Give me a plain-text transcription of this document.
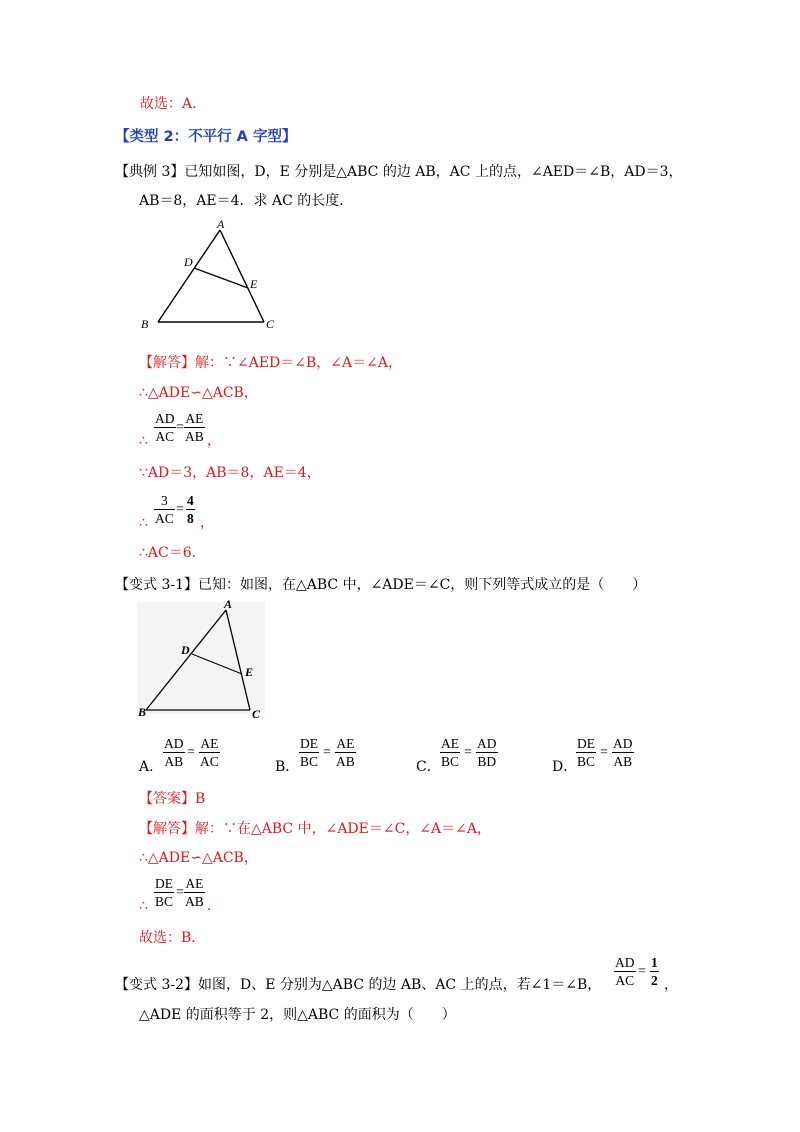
故选：A．
【类型 2：不平行 A 字型】
【典例 3】已知如图，D，E 分别是△ABC 的边 AB，AC 上的点，∠AED＝∠B，AD＝3，
AB＝8，AE＝4．求 AC 的长度．
A
D
E
B	C
【解答】解：∵∠AED＝∠B，∠A＝∠A，
∴△ADE∽△ACB，
∴ $\frac{AD}{AC} = \frac{AE}{AB}$ ，
∵AD＝3，AB＝8，AE＝4，
∴ $\frac{3}{AC} = \frac{4}{8}$ ，
∴AC＝6．
【变式 3-1】已知：如图，在△ABC 中，∠ADE＝∠C，则下列等式成立的是（　　）
A
D
E
B	C
A． $\frac{AD}{AB} = \frac{AE}{AC}$	B． $\frac{DE}{BC} = \frac{AE}{AB}$	C． $\frac{AE}{BC} = \frac{AD}{BD}$	D．
$\frac{DE}{BC} = \frac{AD}{AB}$
【答案】B
【解答】解：∵在△ABC 中，∠ADE＝∠C，∠A＝∠A，
∴△ADE∽△ACB，
∴ $\frac{DE}{BC} = \frac{AE}{AB}$ ．
故选：B．
【变式 3-2】如图，D、E 分别为△ABC 的边 AB、AC 上的点，若∠1＝∠B， $\frac{AD}{AC} = \frac{1}{2}$ ，
△ADE 的面积等于 2，则△ABC 的面积为（　　）
